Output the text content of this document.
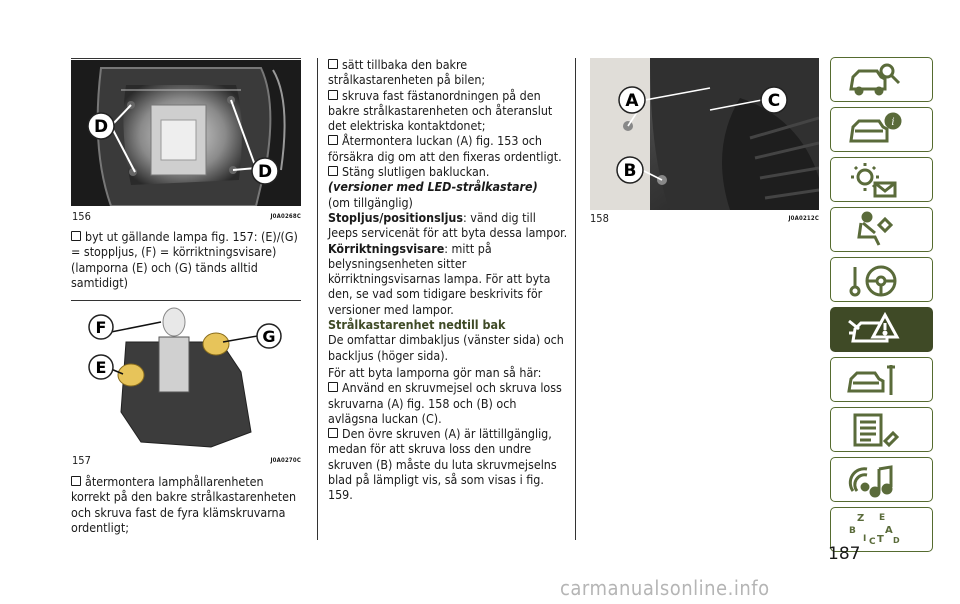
D
D
156	J0A0268C

byt ut gällande lampa fig. 157: (E)/(G) = stoppljus, (F) = körriktningsvisare) (lamporna (E) och (G) tänds alltid samtidigt)

F	G
E
157	J0A0270C

återmontera lamphållarenheten korrekt på den bakre strålkastarenheten och skruva fast de fyra klämskruvarna ordentligt;

sätt tillbaka den bakre strålkastarenheten på bilen;

skruva fast fästanordningen på den bakre strålkastarenheten och återanslut det elektriska kontaktdonet;

Återmontera luckan (A) fig. 153 och försäkra dig om att den fixeras ordentligt.

Stäng slutligen bakluckan.

(versioner med LED-strålkastare)

(om tillgänglig)

Stopljus/positionsljus: vänd dig till Jeeps servicenät för att byta dessa lampor.

Körriktningsvisare: mitt på belysningsenheten sitter körriktningsvisarnas lampa. För att byta den, se vad som tidigare beskrivits för versioner med lampor.

Strålkastarenhet nedtill bak

De omfattar dimbakljus (vänster sida) och backljus (höger sida).

För att byta lamporna gör man så här:

Använd en skruvmejsel och skruva loss skruvarna (A) fig. 158 och (B) och avlägsna luckan (C).

Den övre skruven (A) är lättillgänglig, medan för att skruva loss den undre skruven (B) måste du luta skruvmejselns blad på lämpligt vis, så som visas i fig. 159.

A	C
B
158	J0A0212C
i
Z E
B	A
I C T D
187
carmanualsonline.info
